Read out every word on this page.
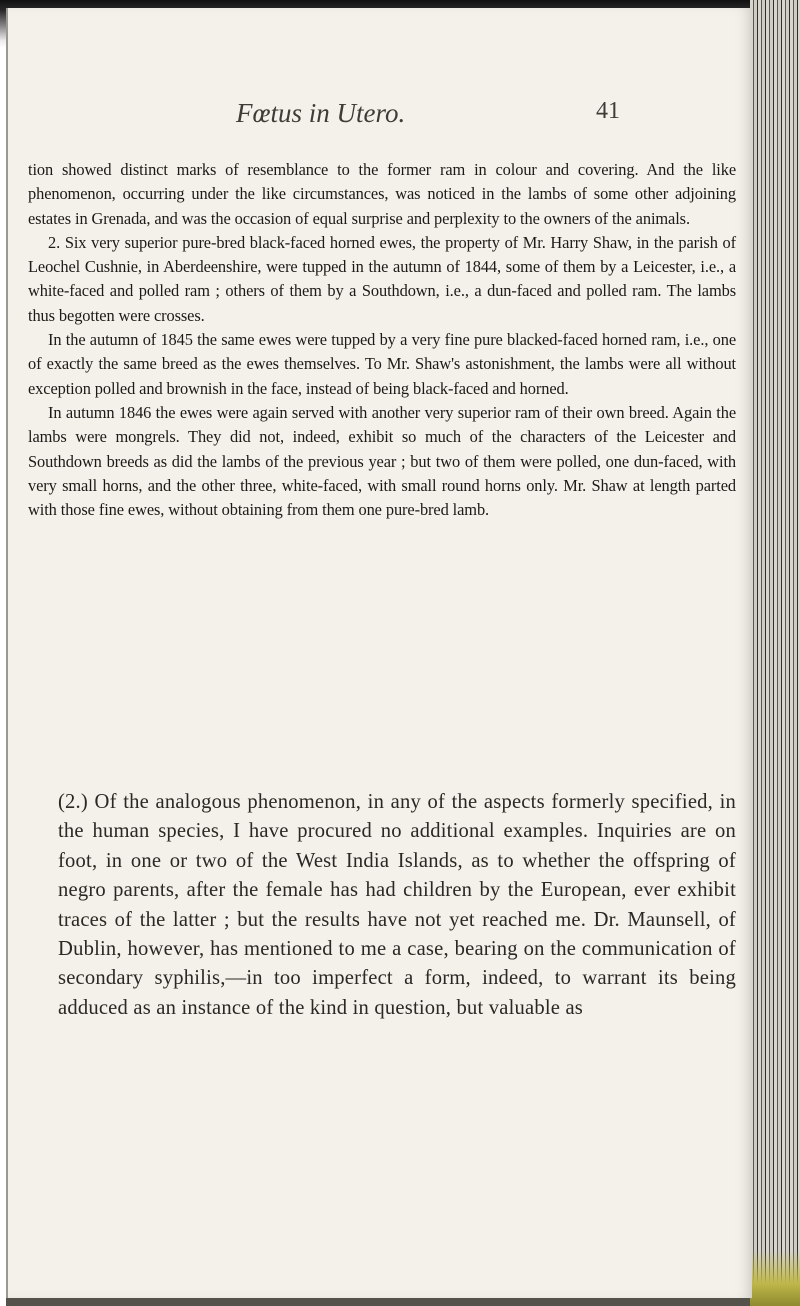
Fœtus in Utero.	41

tion showed distinct marks of resemblance to the former ram in colour and covering. And the like phenomenon, occurring under the like circumstances, was noticed in the lambs of some other adjoining estates in Grenada, and was the occasion of equal surprise and perplexity to the owners of the animals.

2. Six very superior pure-bred black-faced horned ewes, the property of Mr. Harry Shaw, in the parish of Leochel Cushnie, in Aberdeenshire, were tupped in the autumn of 1844, some of them by a Leicester, i.e., a white-faced and polled ram ; others of them by a Southdown, i.e., a dun-faced and polled ram. The lambs thus begotten were crosses.

In the autumn of 1845 the same ewes were tupped by a very fine pure blacked-faced horned ram, i.e., one of exactly the same breed as the ewes themselves. To Mr. Shaw's astonishment, the lambs were all without exception polled and brownish in the face, instead of being black-faced and horned.

In autumn 1846 the ewes were again served with another very superior ram of their own breed. Again the lambs were mongrels. They did not, indeed, exhibit so much of the characters of the Leicester and Southdown breeds as did the lambs of the previous year ; but two of them were polled, one dun-faced, with very small horns, and the other three, white-faced, with small round horns only. Mr. Shaw at length parted with those fine ewes, without obtaining from them one pure-bred lamb.

(2.) Of the analogous phenomenon, in any of the aspects formerly specified, in the human species, I have procured no additional examples. Inquiries are on foot, in one or two of the West India Islands, as to whether the offspring of negro parents, after the female has had children by the European, ever exhibit traces of the latter ; but the results have not yet reached me. Dr. Maunsell, of Dublin, however, has mentioned to me a case, bearing on the communication of secondary syphilis,—in too imperfect a form, indeed, to warrant its being adduced as an instance of the kind in question, but valuable as
